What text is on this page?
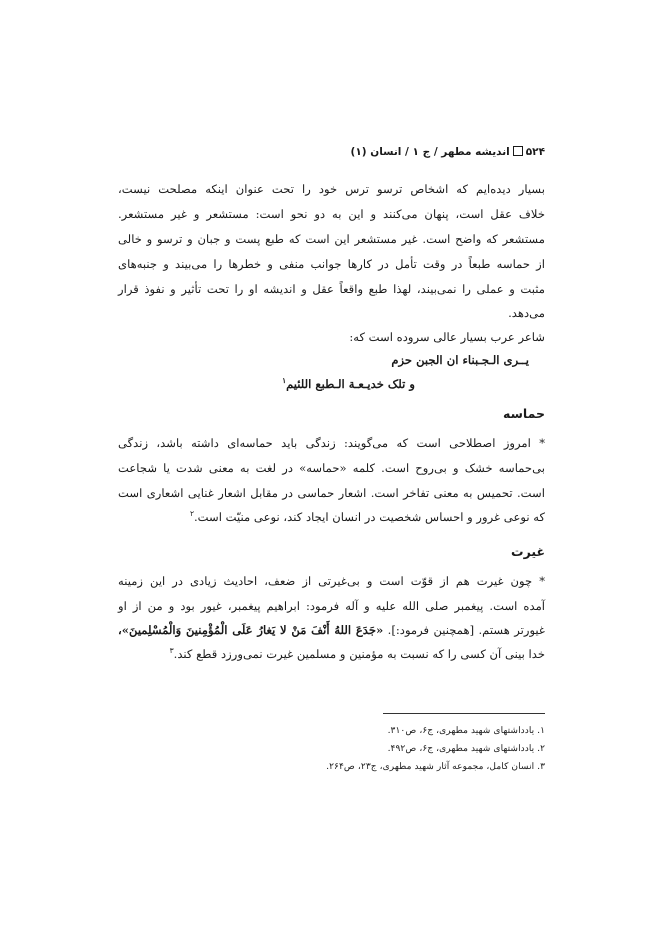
۵۲۴اندیشه مطهر / ج ۱ / انسان (۱)
بسیار دیده‌ایم که اشخاص ترسو ترس خود را تحت عنوان اینکه مصلحت نیست،
خلاف عقل است، پنهان می‌کنند و این به دو نحو است: مستشعر و غیر مستشعر.
مستشعر که واضح است. غیر مستشعر این است که طبع پست و جبان و ترسو و خالی
از حماسه طبعاً در وقت تأمل در کارها جوانب منفی و خطرها را می‌بیند و جنبه‌های
مثبت و عملی را نمی‌بیند، لهذا طبع واقعاً عقل و اندیشه او را تحت تأثیر و نفوذ قرار
می‌دهد.
شاعر عرب بسیار عالی سروده است که:
یــری الـجـبناء ان الجبن حزم
و تلک خدیـعـة الـطبع اللئیم$^۱$
حماسه
* امروز اصطلاحی است که می‌گویند: زندگی باید حماسه‌ای داشته باشد، زندگی
بی‌حماسه خشک و بی‌روح است. کلمه «حماسه» در لغت به معنی شدت یا شجاعت
است. تحمیس به معنی تفاخر است. اشعار حماسی در مقابل اشعار غنایی اشعاری است
که نوعی غرور و احساس شخصیت در انسان ایجاد کند، نوعی منیّت است.$^۲$
غیرت
* چون غیرت هم از قوّت است و بی‌غیرتی از ضعف، احادیث زیادی در این زمینه
آمده است. پیغمبر صلی الله علیه و آله فرمود: ابراهیم پیغمبر، غیور بود و من از او
غیورتر هستم. [همچنین فرمود:]. «جَدَعَ اللهُ أَنْفَ مَنْ لا یَغارُ عَلَى الْمُؤْمِنينَ وَالْمُسْلِمينَ»،
خدا بینی آن کسی را که نسبت به مؤمنین و مسلمین غیرت نمی‌ورزد قطع کند.$^۳$
۱. یادداشتهای شهید مطهری، ج۶، ص۳۱۰.
۲. یادداشتهای شهید مطهری، ج۶، ص۴۹۲.
۳. انسان کامل، مجموعه آثار شهید مطهری، ج۲۳، ص۲۶۴.
